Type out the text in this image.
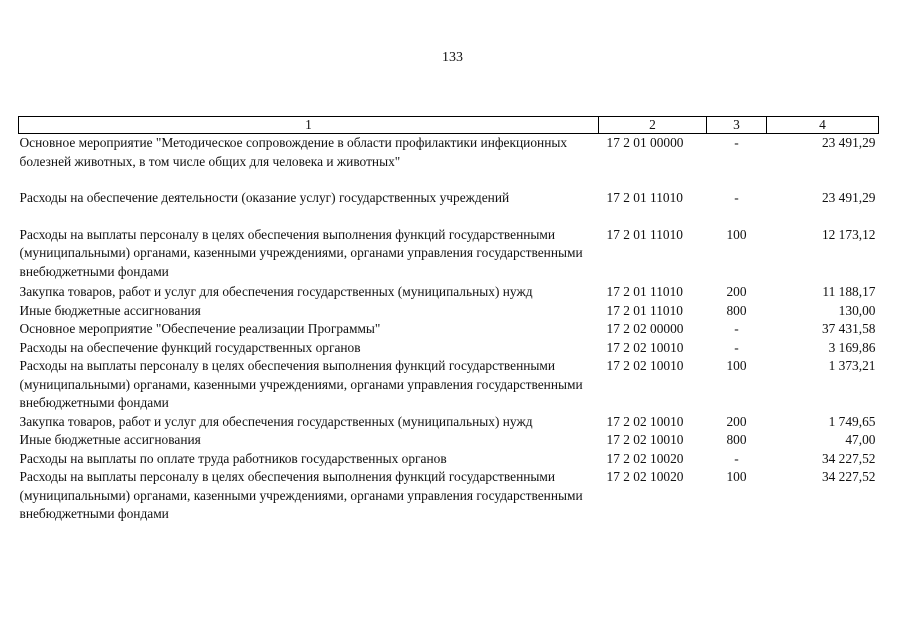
133
1	2	3	4
Основное мероприятие "Методическое сопровождение в области профилактики инфекционных болезней животных, в том числе общих для человека и животных"	17 2 01 00000	-	23 491,29

Расходы на обеспечение деятельности (оказание услуг) государственных учреждений	17 2 01 11010	-	23 491,29

Расходы на выплаты персоналу в целях обеспечения выполнения функций государственными (муниципальными) органами, казенными учреждениями, органами управления государственными внебюджетными фондами	17 2 01 11010	100	12 173,12

Закупка товаров, работ и услуг для обеспечения государственных (муниципальных) нужд	17 2 01 11010	200	11 188,17
Иные бюджетные ассигнования	17 2 01 11010	800	130,00
Основное мероприятие "Обеспечение реализации Программы"	17 2 02 00000	-	37 431,58
Расходы на обеспечение функций государственных органов	17 2 02 10010	-	3 169,86
Расходы на выплаты персоналу в целях обеспечения выполнения функций государственными (муниципальными) органами, казенными учреждениями, органами управления государственными внебюджетными фондами	17 2 02 10010	100	1 373,21
Закупка товаров, работ и услуг для обеспечения государственных (муниципальных) нужд	17 2 02 10010	200	1 749,65
Иные бюджетные ассигнования	17 2 02 10010	800	47,00
Расходы на выплаты по оплате труда работников государственных органов	17 2 02 10020	-	34 227,52
Расходы на выплаты персоналу в целях обеспечения выполнения функций государственными (муниципальными) органами, казенными учреждениями, органами управления государственными внебюджетными фондами	17 2 02 10020	100	34 227,52
